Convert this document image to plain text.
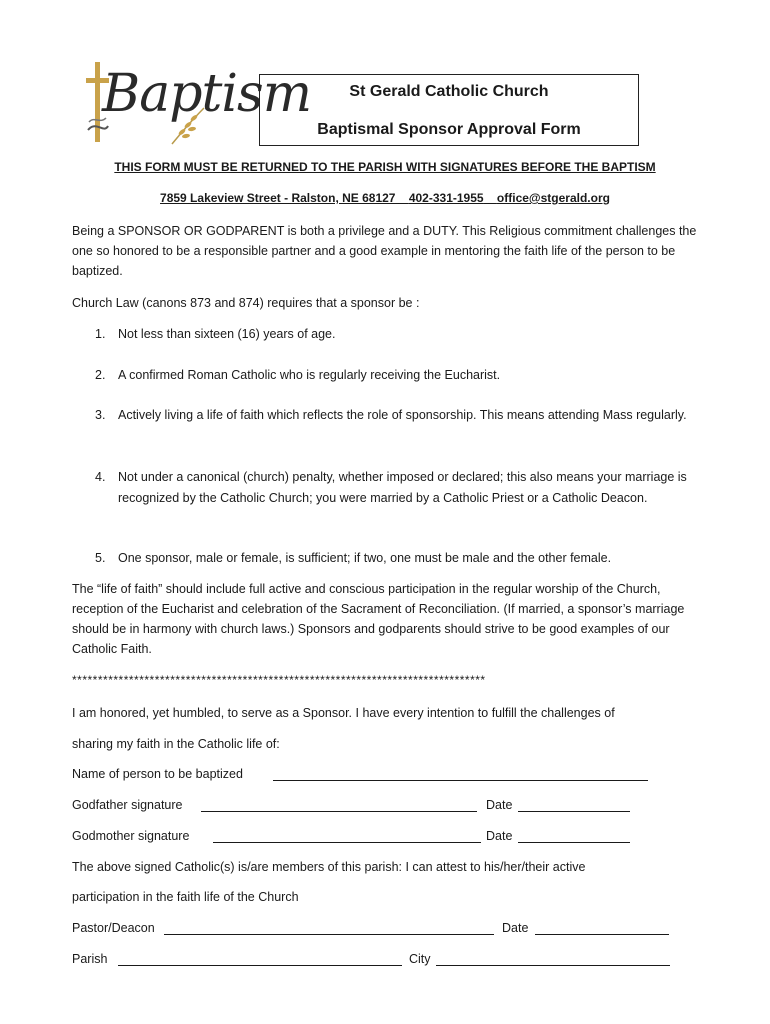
Baptism	St Gerald Catholic Church
Baptismal Sponsor Approval Form
THIS FORM MUST BE RETURNED TO THE PARISH WITH SIGNATURES BEFORE THE BAPTISM
7859 Lakeview Street - Ralston, NE 68127 402-331-1955 office@stgerald.org
Being a SPONSOR OR GODPARENT is both a privilege and a DUTY. This Religious commitment challenges the one so honored to be a responsible partner and a good example in mentoring the faith life of the person to be baptized.
Church Law (canons 873 and 874) requires that a sponsor be :
1. Not less than sixteen (16) years of age.
2. A confirmed Roman Catholic who is regularly receiving the Eucharist.
3. Actively living a life of faith which reflects the role of sponsorship. This means attending Mass regularly.
4. Not under a canonical (church) penalty, whether imposed or declared; this also means your marriage is recognized by the Catholic Church; you were married by a Catholic Priest or a Catholic Deacon.
5. One sponsor, male or female, is sufficient; if two, one must be male and the other female.
The “life of faith” should include full active and conscious participation in the regular worship of the Church, reception of the Eucharist and celebration of the Sacrament of Reconciliation. (If married, a sponsor’s marriage should be in harmony with church laws.) Sponsors and godparents should strive to be good examples of our Catholic Faith.
********************************************************************************
I am honored, yet humbled, to serve as a Sponsor. I have every intention to fulfill the challenges of
sharing my faith in the Catholic life of:
Name of person to be baptized
Godfather signature	Date
Godmother signature	Date
The above signed Catholic(s) is/are members of this parish: I can attest to his/her/their active
participation in the faith life of the Church
Pastor/Deacon	Date
Parish	City
